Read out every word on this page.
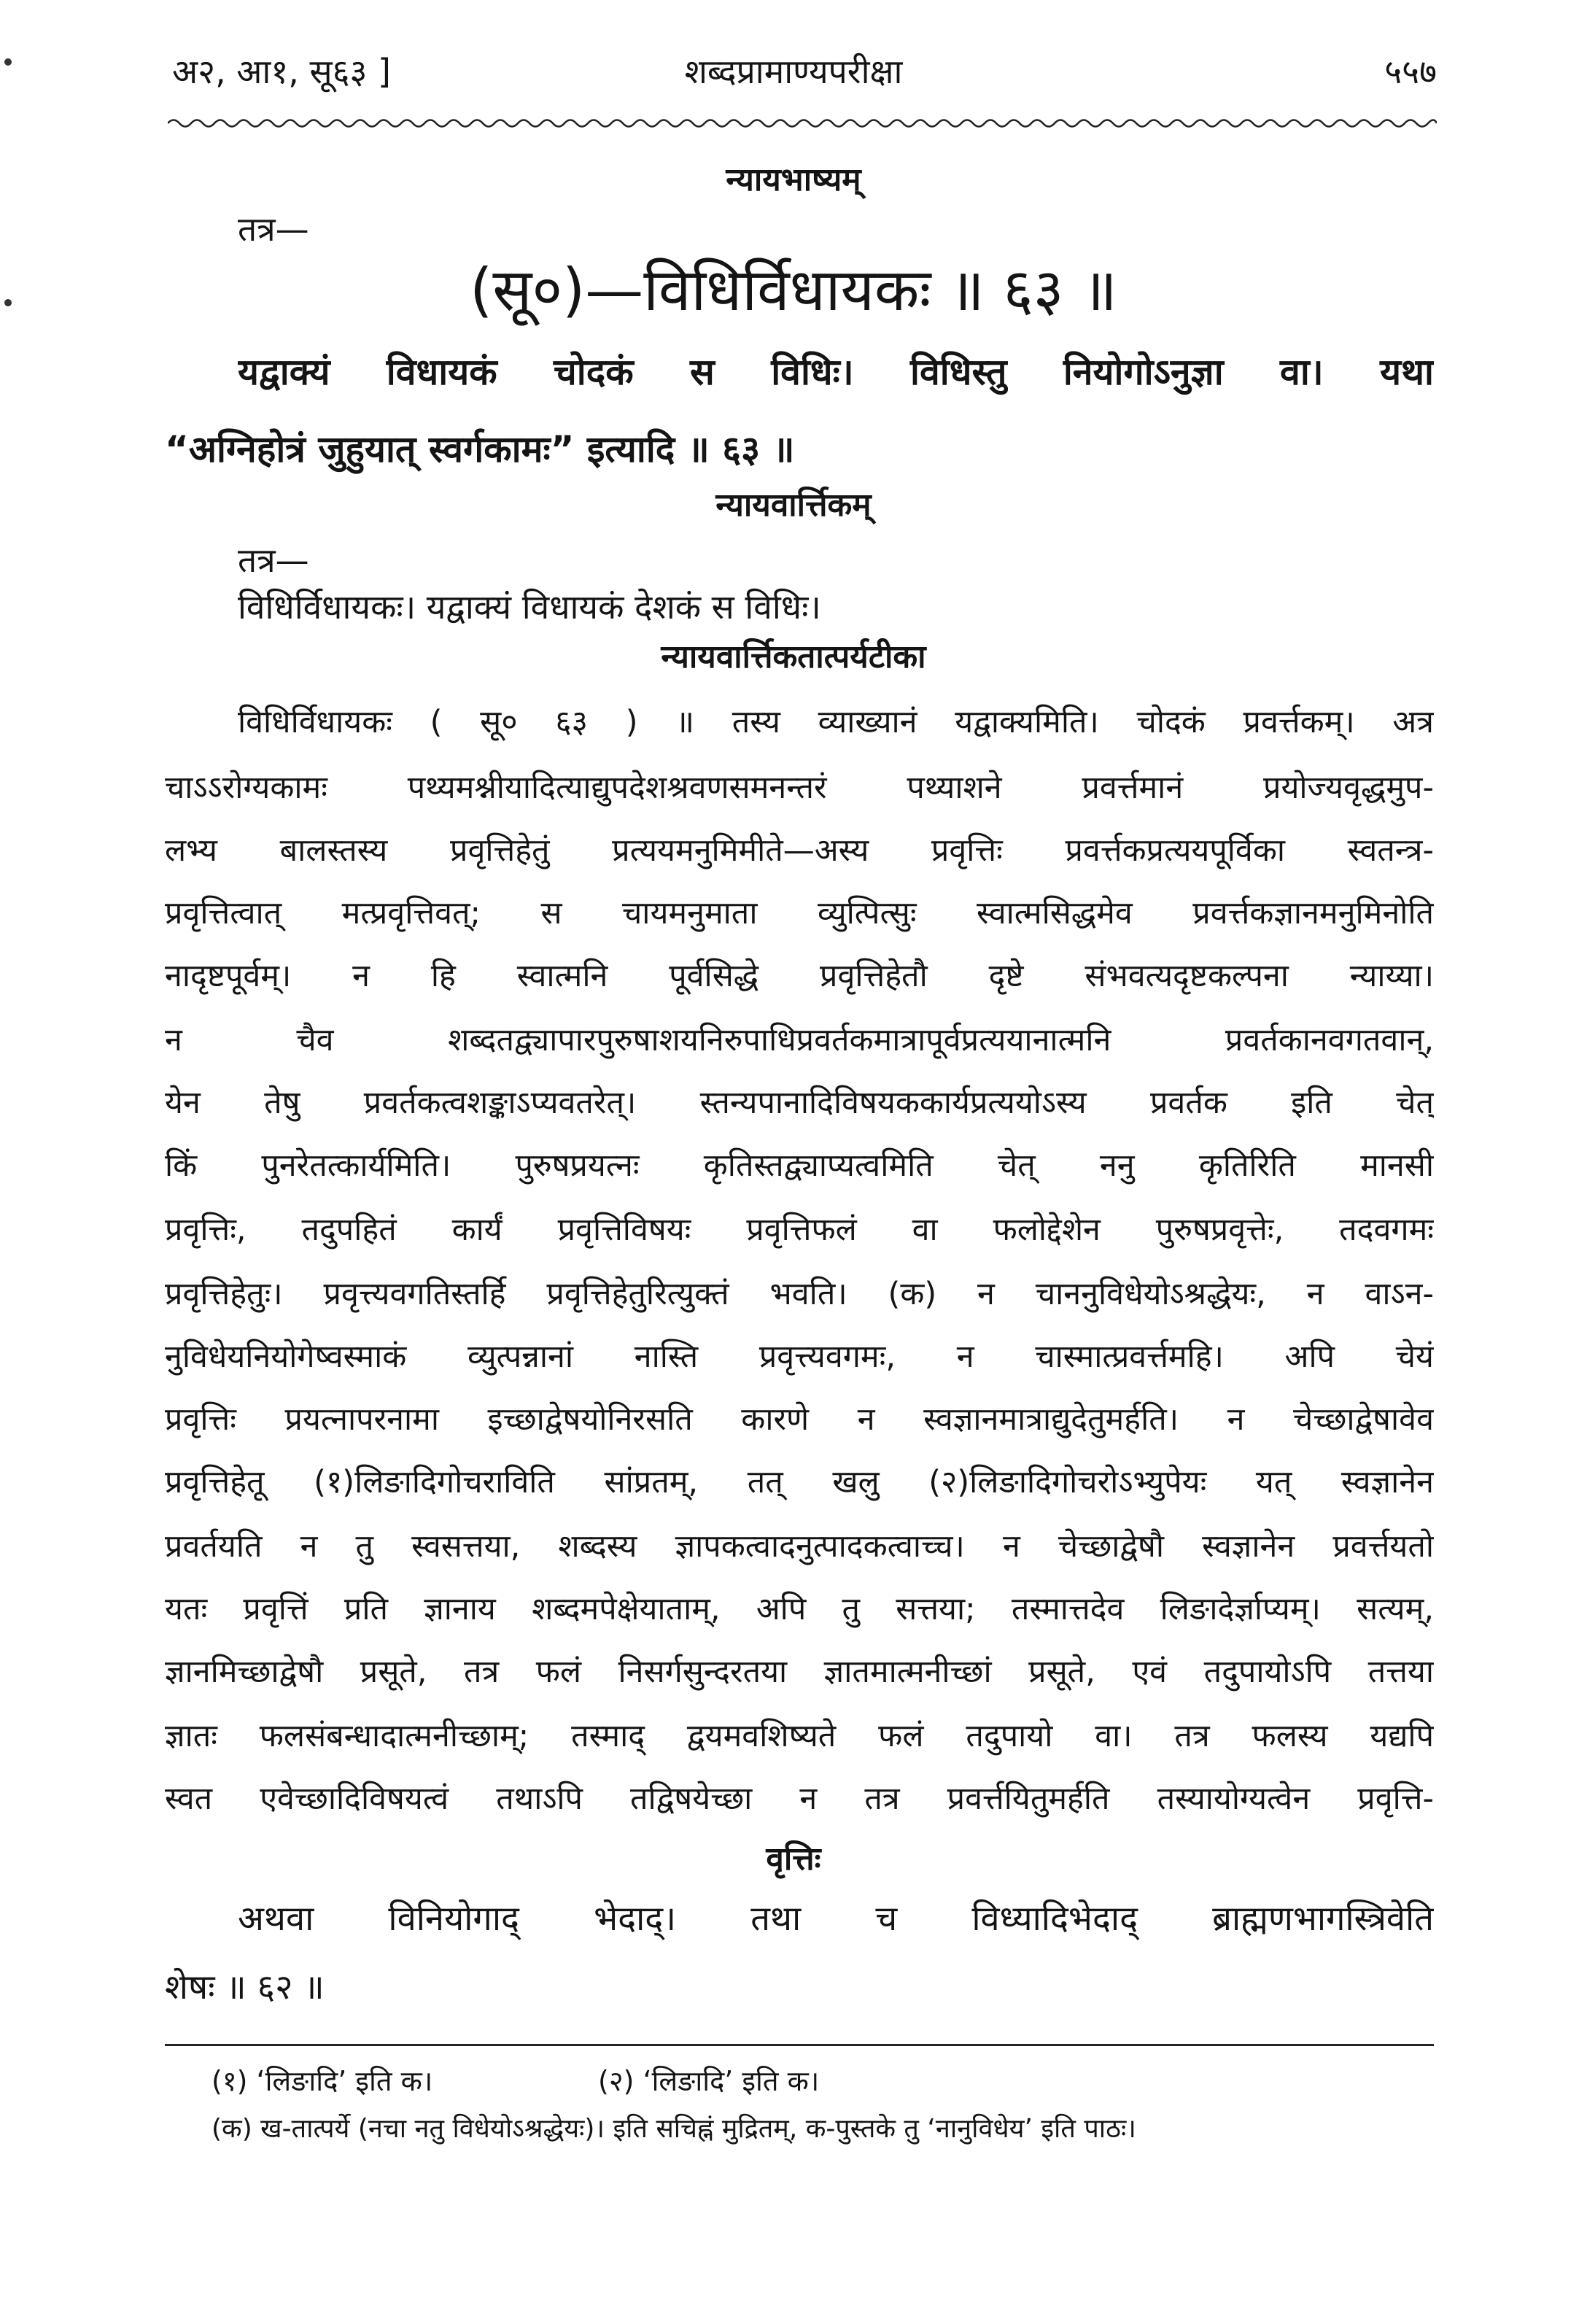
अ२, आ१, सू६३ ]	शब्दप्रामाण्यपरीक्षा	५५७
न्यायभाष्यम्
तत्र—
(सू०)—विधिर्विधायकः ॥ ६३ ॥
यद्वाक्यं विधायकं चोदकं स विधिः। विधिस्तु नियोगोऽनुज्ञा वा। यथा
“अग्निहोत्रं जुहुयात् स्वर्गकामः” इत्यादि ॥ ६३ ॥
न्यायवार्त्तिकम्
तत्र—
विधिर्विधायकः। यद्वाक्यं विधायकं देशकं स विधिः।
न्यायवार्त्तिकतात्पर्यटीका
विधिर्विधायकः ( सू० ६३ ) ॥ तस्य व्याख्यानं यद्वाक्यमिति। चोदकं प्रवर्त्तकम्। अत्र
चाऽऽरोग्यकामः पथ्यमश्नीयादित्याद्युपदेशश्रवणसमनन्तरं पथ्याशने प्रवर्त्तमानं प्रयोज्यवृद्धमुप-
लभ्य बालस्तस्य प्रवृत्तिहेतुं प्रत्ययमनुमिमीते—अस्य प्रवृत्तिः प्रवर्त्तकप्रत्ययपूर्विका स्वतन्त्र-
प्रवृत्तित्वात् मत्प्रवृत्तिवत्; स चायमनुमाता व्युत्पित्सुः स्वात्मसिद्धमेव प्रवर्त्तकज्ञानमनुमिनोति
नादृष्टपूर्वम्। न हि स्वात्मनि पूर्वसिद्धे प्रवृत्तिहेतौ दृष्टे संभवत्यदृष्टकल्पना न्याय्या।
न चैव शब्दतद्व्यापारपुरुषाशयनिरुपाधिप्रवर्तकमात्रापूर्वप्रत्ययानात्मनि प्रवर्तकानवगतवान्,
येन तेषु प्रवर्तकत्वशङ्काऽप्यवतरेत्। स्तन्यपानादिविषयककार्यप्रत्ययोऽस्य प्रवर्तक इति चेत्
किं पुनरेतत्कार्यमिति। पुरुषप्रयत्नः कृतिस्तद्व्याप्यत्वमिति चेत् ननु कृतिरिति मानसी
प्रवृत्तिः, तदुपहितं कार्यं प्रवृत्तिविषयः प्रवृत्तिफलं वा फलोद्देशेन पुरुषप्रवृत्तेः, तदवगमः
प्रवृत्तिहेतुः। प्रवृत्त्यवगतिस्तर्हि प्रवृत्तिहेतुरित्युक्तं भवति। (क) न चाननुविधेयोऽश्रद्धेयः, न वाऽन-
नुविधेयनियोगेष्वस्माकं व्युत्पन्नानां नास्ति प्रवृत्त्यवगमः, न चास्मात्प्रवर्त्तमहि। अपि चेयं
प्रवृत्तिः प्रयत्नापरनामा इच्छाद्वेषयोनिरसति कारणे न स्वज्ञानमात्राद्युदेतुमर्हति। न चेच्छाद्वेषावेव
प्रवृत्तिहेतू (१)लिङादिगोचराविति सांप्रतम्, तत् खलु (२)लिङादिगोचरोऽभ्युपेयः यत् स्वज्ञानेन
प्रवर्तयति न तु स्वसत्तया, शब्दस्य ज्ञापकत्वादनुत्पादकत्वाच्च। न चेच्छाद्वेषौ स्वज्ञानेन प्रवर्त्तयतो
यतः प्रवृत्तिं प्रति ज्ञानाय शब्दमपेक्षेयाताम्, अपि तु सत्तया; तस्मात्तदेव लिङादेर्ज्ञाप्यम्। सत्यम्,
ज्ञानमिच्छाद्वेषौ प्रसूते, तत्र फलं निसर्गसुन्दरतया ज्ञातमात्मनीच्छां प्रसूते, एवं तदुपायोऽपि तत्तया
ज्ञातः फलसंबन्धादात्मनीच्छाम्; तस्माद् द्वयमवशिष्यते फलं तदुपायो वा। तत्र फलस्य यद्यपि
स्वत एवेच्छादिविषयत्वं तथाऽपि तद्विषयेच्छा न तत्र प्रवर्त्तयितुमर्हति तस्यायोग्यत्वेन प्रवृत्ति-
वृत्तिः
अथवा विनियोगाद् भेदाद्। तथा च विध्यादिभेदाद् ब्राह्मणभागस्त्रिवेति
शेषः ॥ ६२ ॥
(१) ‘लिङादि’ इति क।	(२) ‘लिङादि’ इति क।
(क) ख-तात्पर्ये (नचा नतु विधेयोऽश्रद्धेयः)। इति सचिह्नं मुद्रितम्, क-पुस्तके तु ‘नानुविधेय’ इति पाठः।
